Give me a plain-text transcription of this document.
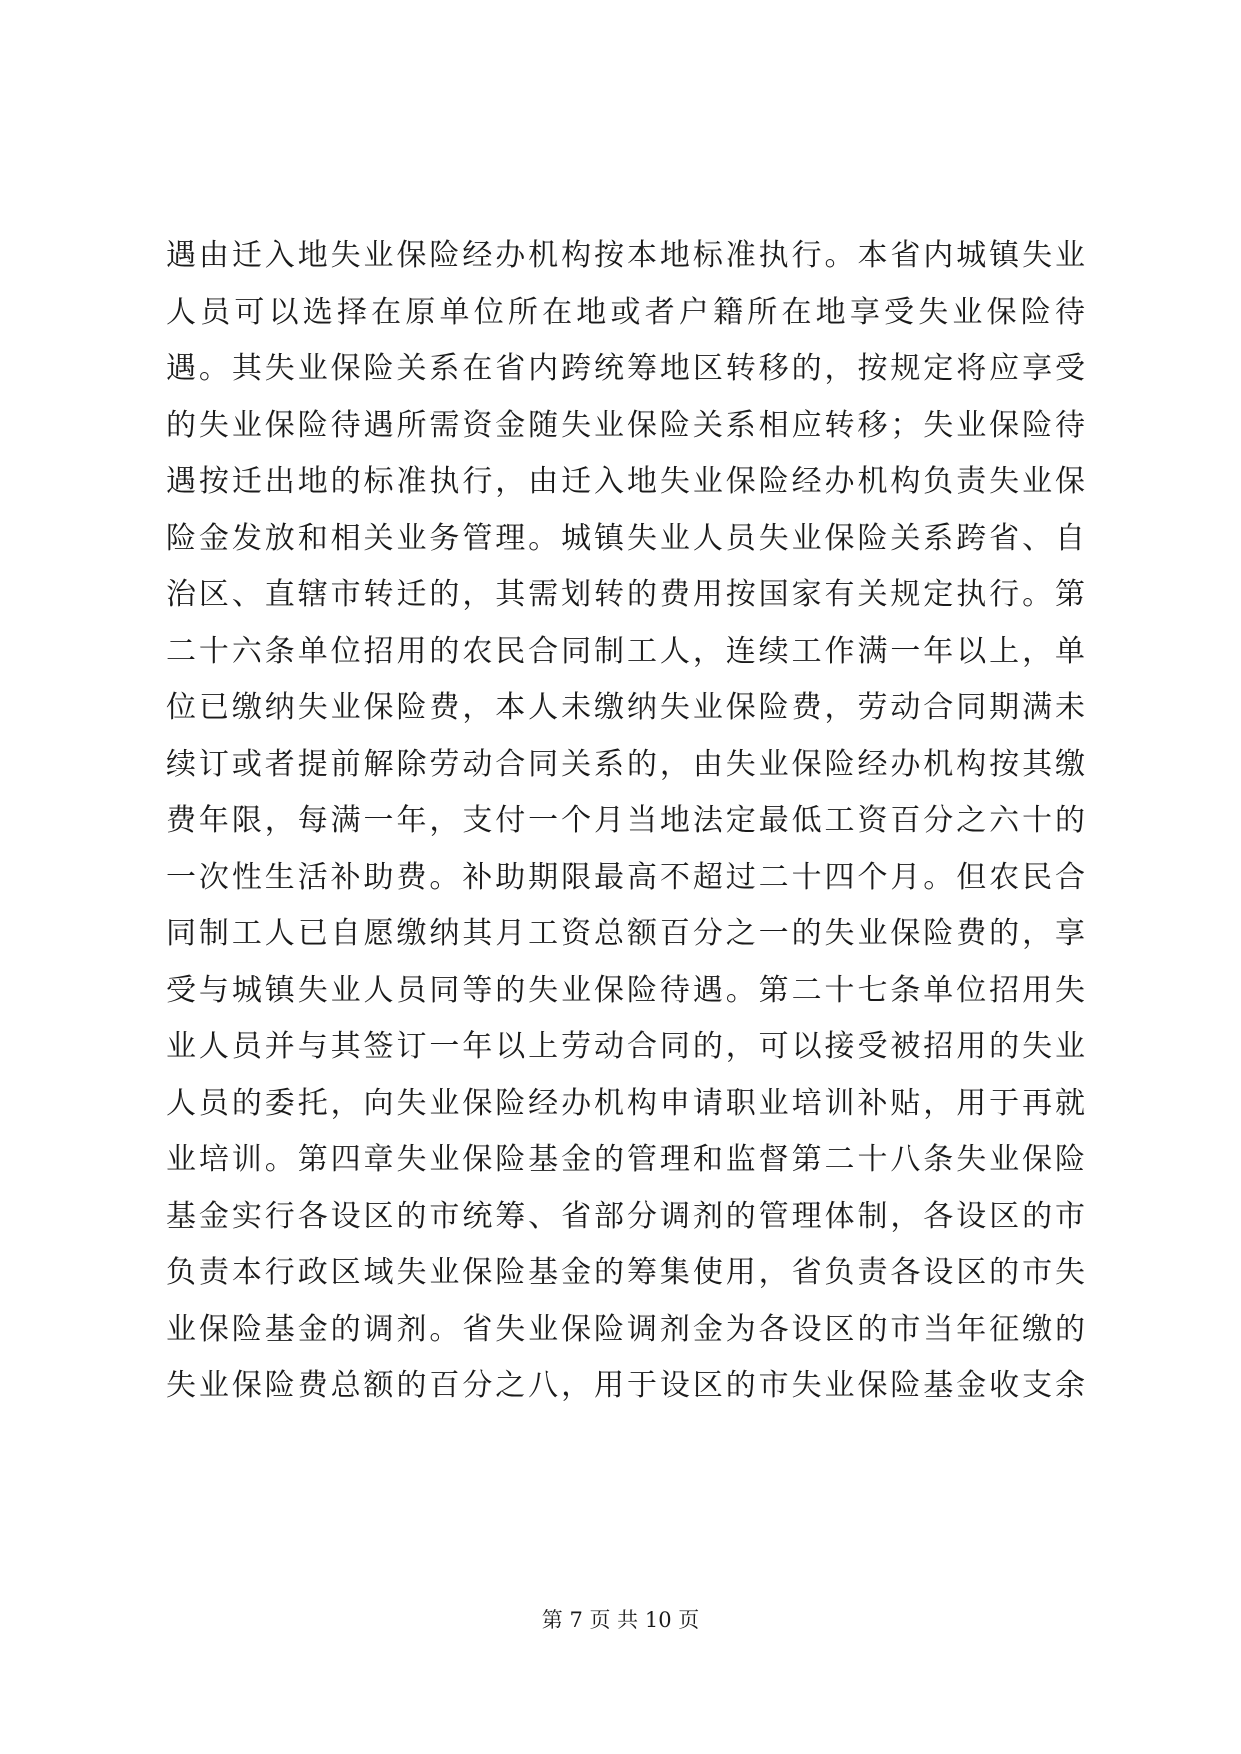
遇由迁入地失业保险经办机构按本地标准执行。本省内城镇失业
人员可以选择在原单位所在地或者户籍所在地享受失业保险待
遇。其失业保险关系在省内跨统筹地区转移的，按规定将应享受
的失业保险待遇所需资金随失业保险关系相应转移；失业保险待
遇按迁出地的标准执行，由迁入地失业保险经办机构负责失业保
险金发放和相关业务管理。城镇失业人员失业保险关系跨省、自
治区、直辖市转迁的，其需划转的费用按国家有关规定执行。第
二十六条单位招用的农民合同制工人，连续工作满一年以上，单
位已缴纳失业保险费，本人未缴纳失业保险费，劳动合同期满未
续订或者提前解除劳动合同关系的，由失业保险经办机构按其缴
费年限，每满一年，支付一个月当地法定最低工资百分之六十的
一次性生活补助费。补助期限最高不超过二十四个月。但农民合
同制工人已自愿缴纳其月工资总额百分之一的失业保险费的，享
受与城镇失业人员同等的失业保险待遇。第二十七条单位招用失
业人员并与其签订一年以上劳动合同的，可以接受被招用的失业
人员的委托，向失业保险经办机构申请职业培训补贴，用于再就
业培训。第四章失业保险基金的管理和监督第二十八条失业保险
基金实行各设区的市统筹、省部分调剂的管理体制，各设区的市
负责本行政区域失业保险基金的筹集使用，省负责各设区的市失
业保险基金的调剂。省失业保险调剂金为各设区的市当年征缴的
失业保险费总额的百分之八，用于设区的市失业保险基金收支余
第 7 页 共 10 页
